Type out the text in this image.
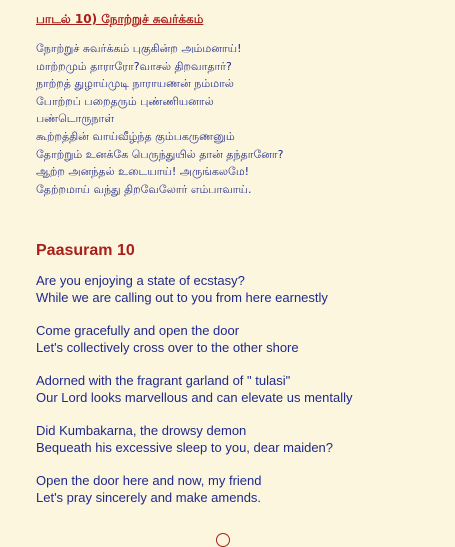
பாடல் 10) நோற்றுச் சுவர்க்கம்
நோற்றுச் சுவர்க்கம் புகுகின்ற அம்மனாய்!
மாற்றமும் தாராரோ?வாசல் திறவாதார்?
நாற்றத் துழாய்முடி நாராயணன் நம்மால்
போற்றப் பறைதரும் புண்ணியனால்
பண்டொருநாள்
கூற்றத்தின் வாய்வீழ்ந்த கும்பகருணனும்
தோற்றும் உனக்கே பெருந்துயில் தான் தந்தானோ?
ஆற்ற அனந்தல் உடையாய்! அருங்கலமே!
தேற்றமாய் வந்து திறவேலோர் எம்பாவாய்.
Paasuram 10
Are you enjoying a state of ecstasy?
While we are calling out to you from here earnestly
Come gracefully and open the door
Let's collectively cross over to the other shore
Adorned with the fragrant garland of " tulasi"
Our Lord looks marvellous and can elevate us mentally
Did Kumbakarna, the drowsy demon
Bequeath his excessive sleep to you, dear maiden?
Open the door here and now, my friend
Let's pray sincerely and make amends.
